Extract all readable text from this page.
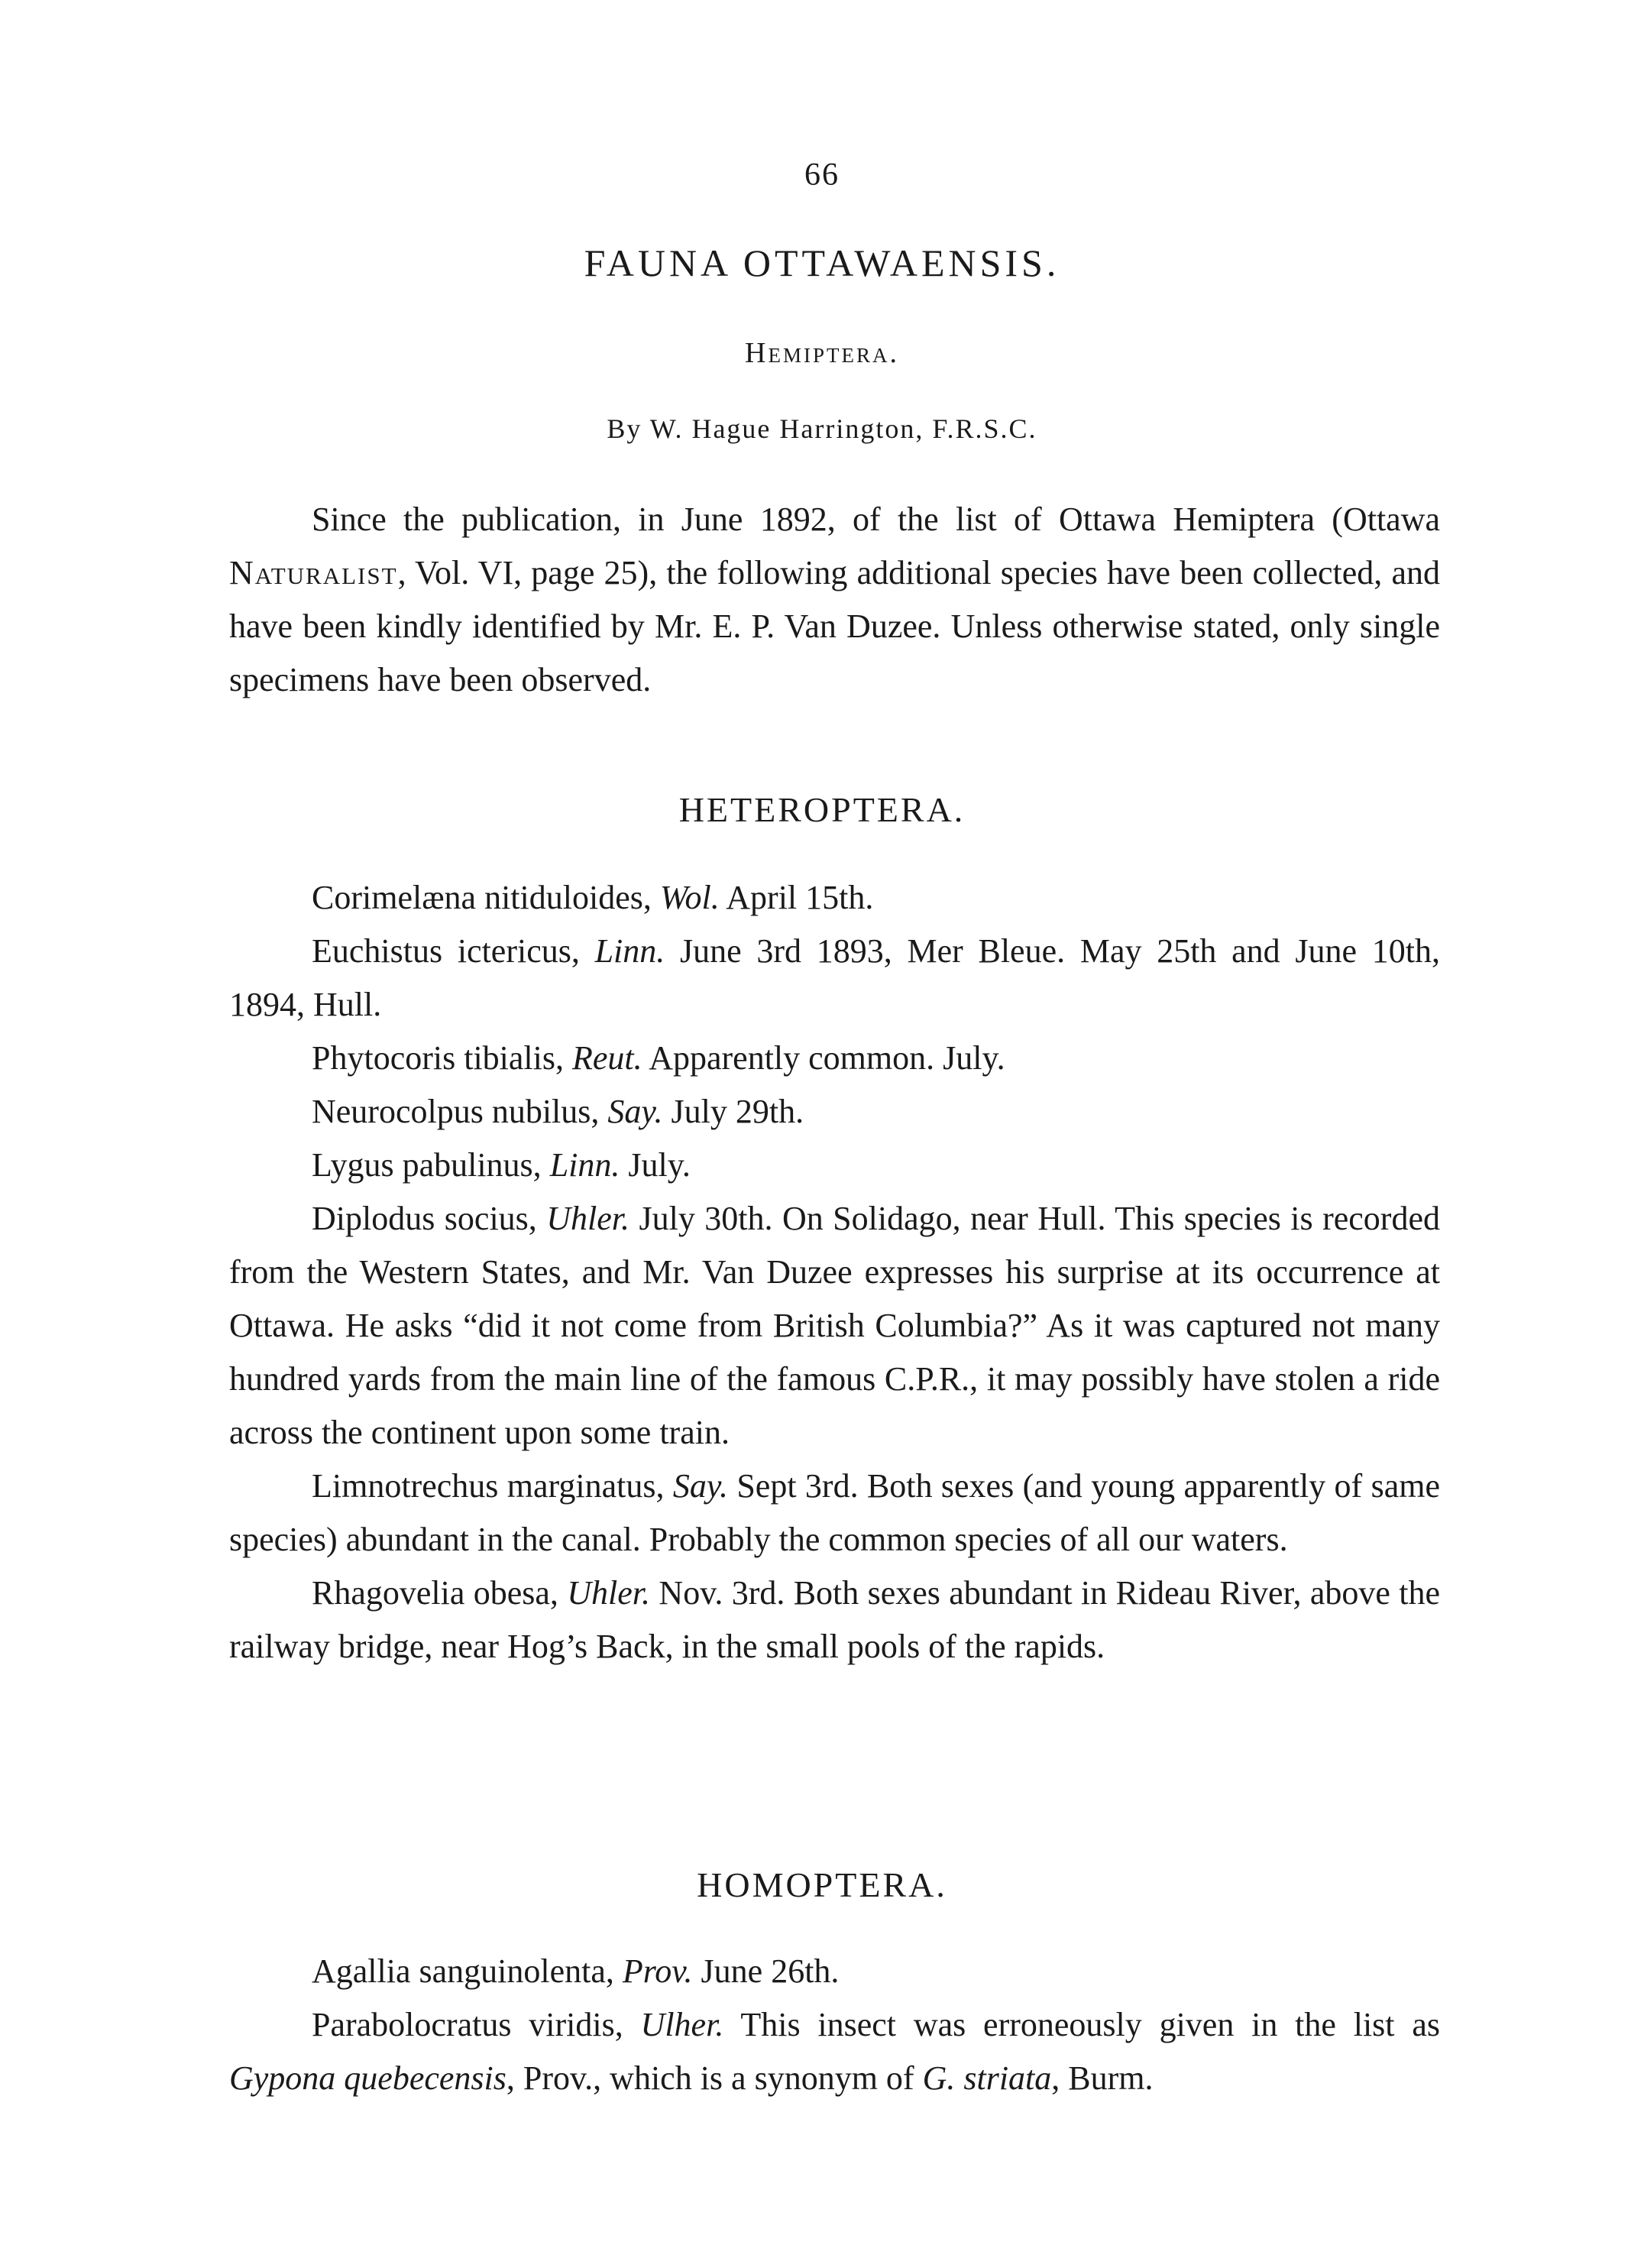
66
FAUNA OTTAWAENSIS.
Hemiptera.
By W. Hague Harrington, F.R.S.C.

Since the publication, in June 1892, of the list of Ottawa Hemiptera (Ottawa Naturalist, Vol. VI, page 25), the following additional species have been collected, and have been kindly identified by Mr. E. P. Van Duzee. Unless otherwise stated, only single specimens have been observed.

HETEROPTERA.

Corimelæna nitiduloides, Wol. April 15th.

Euchistus ictericus, Linn. June 3rd 1893, Mer Bleue. May 25th and June 10th, 1894, Hull.

Phytocoris tibialis, Reut. Apparently common. July.

Neurocolpus nubilus, Say. July 29th.

Lygus pabulinus, Linn. July.

Diplodus socius, Uhler. July 30th. On Solidago, near Hull. This species is recorded from the Western States, and Mr. Van Duzee expresses his surprise at its occurrence at Ottawa. He asks “did it not come from British Columbia?” As it was captured not many hundred yards from the main line of the famous C.P.R., it may possibly have stolen a ride across the continent upon some train.

Limnotrechus marginatus, Say. Sept 3rd. Both sexes (and young apparently of same species) abundant in the canal. Probably the common species of all our waters.

Rhagovelia obesa, Uhler. Nov. 3rd. Both sexes abundant in Rideau River, above the railway bridge, near Hog’s Back, in the small pools of the rapids.

HOMOPTERA.

Agallia sanguinolenta, Prov. June 26th.

Parabolocratus viridis, Ulher. This insect was erroneously given in the list as Gypona quebecensis, Prov., which is a synonym of G. striata, Burm.
